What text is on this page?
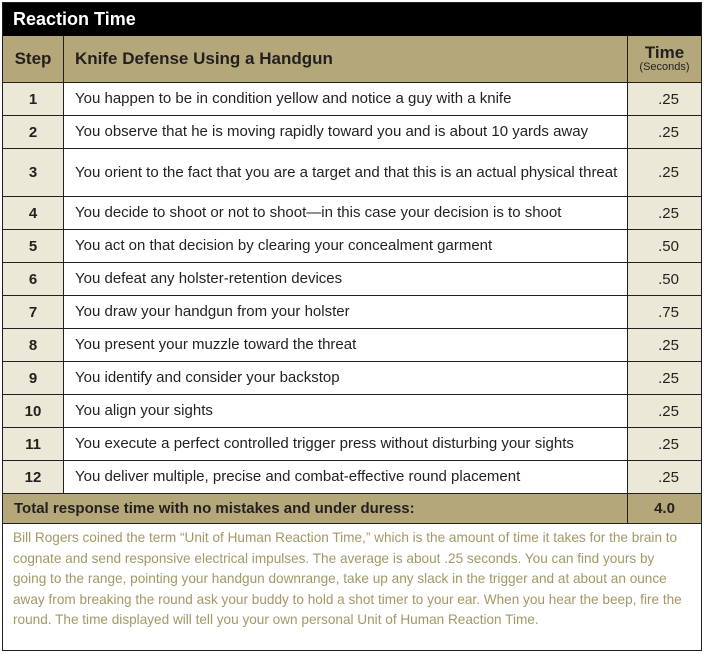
Reaction Time
Step	Knife Defense Using a Handgun	Time
(Seconds)
1	You happen to be in condition yellow and notice a guy with a knife	.25
2	You observe that he is moving rapidly toward you and is about 10 yards away	.25
3	You orient to the fact that you are a target and that this is an actual physical threat	.25
4	You decide to shoot or not to shoot—in this case your decision is to shoot	.25
5	You act on that decision by clearing your concealment garment	.50
6	You defeat any holster-retention devices	.50
7	You draw your handgun from your holster	.75
8	You present your muzzle toward the threat	.25
9	You identify and consider your backstop	.25
10	You align your sights	.25
11	You execute a perfect controlled trigger press without disturbing your sights	.25
12	You deliver multiple, precise and combat-effective round placement	.25
Total response time with no mistakes and under duress:	4.0
Bill Rogers coined the term “Unit of Human Reaction Time,” which is the amount of time it takes for the brain to cognate and send responsive electrical impulses. The average is about .25 seconds. You can find yours by going to the range, pointing your handgun downrange, take up any slack in the trigger and at about an ounce away from breaking the round ask your buddy to hold a shot timer to your ear. When you hear the beep, fire the round. The time displayed will tell you your own personal Unit of Human Reaction Time.
